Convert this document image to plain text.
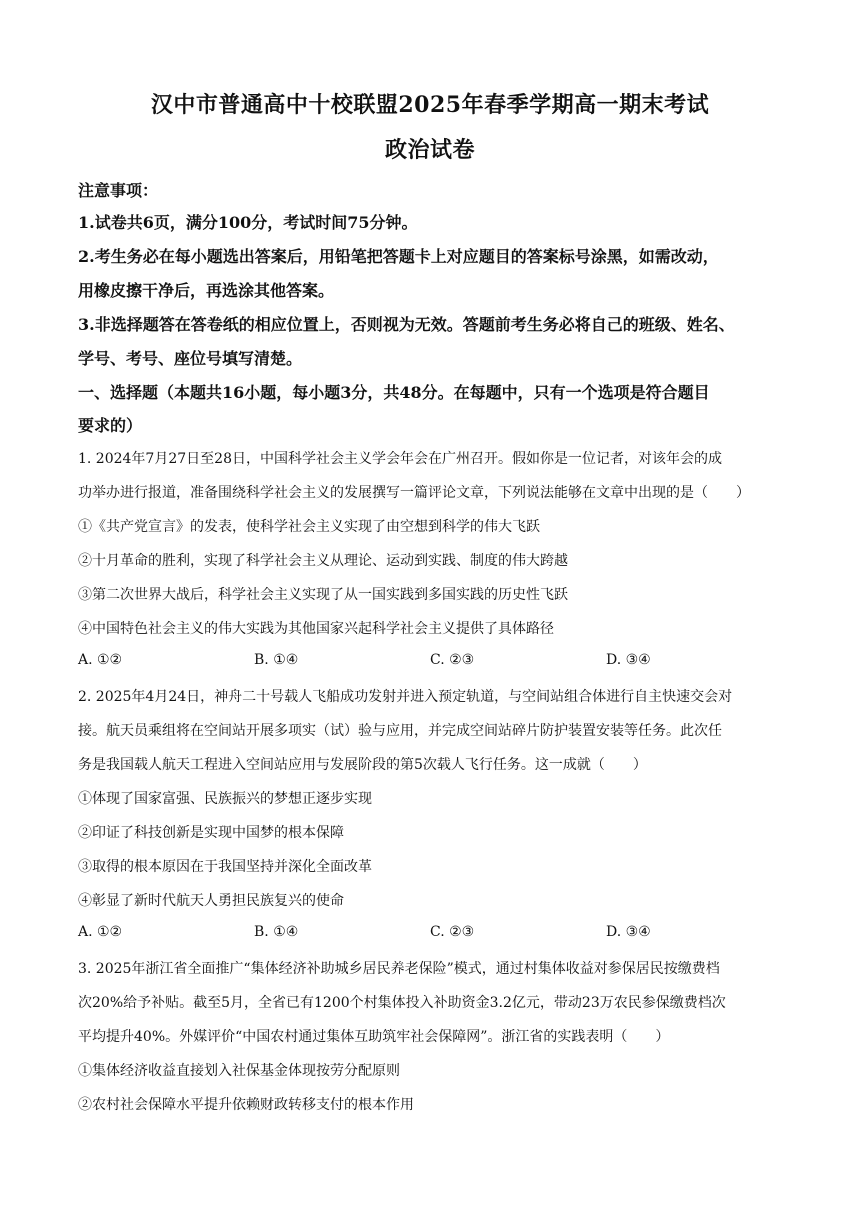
汉中市普通高中十校联盟2025年春季学期高一期末考试
政治试卷
注意事项：
1.试卷共6页，满分100分，考试时间75分钟。
2.考生务必在每小题选出答案后，用铅笔把答题卡上对应题目的答案标号涂黑，如需改动，
用橡皮擦干净后，再选涂其他答案。
3.非选择题答在答卷纸的相应位置上，否则视为无效。答题前考生务必将自己的班级、姓名、
学号、考号、座位号填写清楚。
一、选择题（本题共16小题，每小题3分，共48分。在每题中，只有一个选项是符合题目
要求的）
1. 2024年7月27日至28日，中国科学社会主义学会年会在广州召开。假如你是一位记者，对该年会的成
功举办进行报道，准备围绕科学社会主义的发展撰写一篇评论文章，下列说法能够在文章中出现的是（　　）
①《共产党宣言》的发表，使科学社会主义实现了由空想到科学的伟大飞跃
②十月革命的胜利，实现了科学社会主义从理论、运动到实践、制度的伟大跨越
③第二次世界大战后，科学社会主义实现了从一国实践到多国实践的历史性飞跃
④中国特色社会主义的伟大实践为其他国家兴起科学社会主义提供了具体路径
A. ①②	B. ①④	C. ②③	D. ③④
2. 2025年4月24日，神舟二十号载人飞船成功发射并进入预定轨道，与空间站组合体进行自主快速交会对
接。航天员乘组将在空间站开展多项实（试）验与应用，并完成空间站碎片防护装置安装等任务。此次任
务是我国载人航天工程进入空间站应用与发展阶段的第5次载人飞行任务。这一成就（　　）
①体现了国家富强、民族振兴的梦想正逐步实现
②印证了科技创新是实现中国梦的根本保障
③取得的根本原因在于我国坚持并深化全面改革
④彰显了新时代航天人勇担民族复兴的使命
A. ①②	B. ①④	C. ②③	D. ③④
3. 2025年浙江省全面推广“集体经济补助城乡居民养老保险”模式，通过村集体收益对参保居民按缴费档
次20%给予补贴。截至5月，全省已有1200个村集体投入补助资金3.2亿元，带动23万农民参保缴费档次
平均提升40%。外媒评价“中国农村通过集体互助筑牢社会保障网”。浙江省的实践表明（　　）
①集体经济收益直接划入社保基金体现按劳分配原则
②农村社会保障水平提升依赖财政转移支付的根本作用
